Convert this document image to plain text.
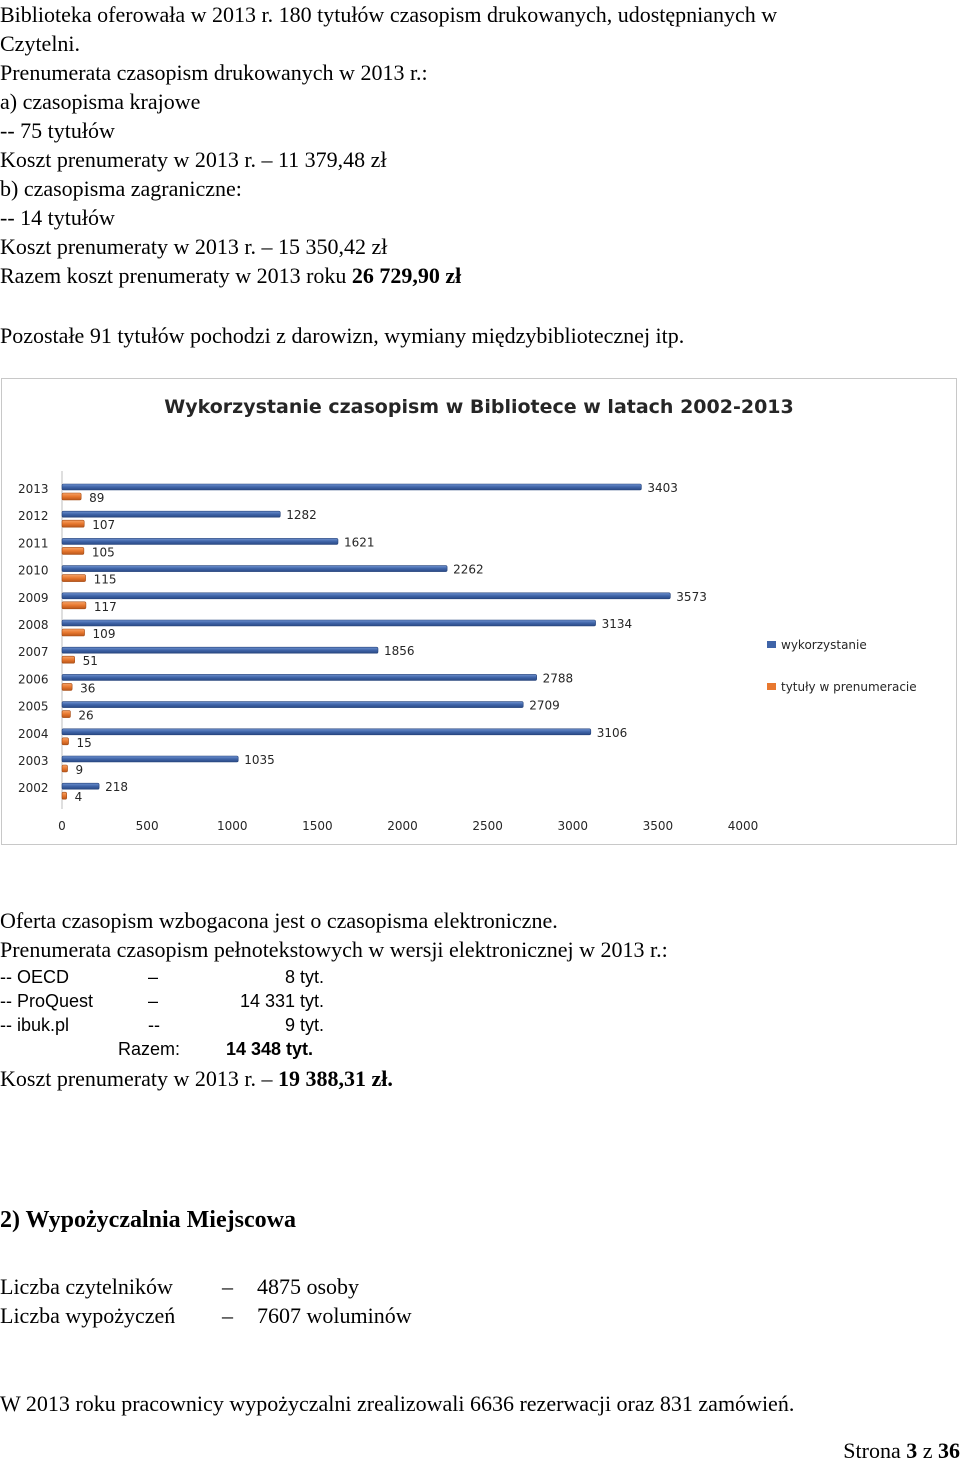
Biblioteka oferowała w 2013 r. 180 tytułów czasopism drukowanych, udostępnianych w
Czytelni.
Prenumerata czasopism drukowanych w 2013 r.:
a) czasopisma krajowe
-- 75 tytułów
Koszt prenumeraty w 2013 r. – 11 379,48 zł
b) czasopisma zagraniczne:
-- 14 tytułów
Koszt prenumeraty w 2013 r. – 15 350,42 zł
Razem koszt prenumeraty w 2013 roku 26 729,90 zł
Pozostałe 91 tytułów pochodzi z darowizn, wymiany międzybibliotecznej itp.
Wykorzystanie czasopism w Bibliotece w latach 2002-2013
2013	3403
89
2012	1282
107
2011	1621
105
2010	2262
115
2009	3573
117
2008	3134
109
2007	1856
51
2006	2788
36
2005	2709
26
2004	3106
15
2003	1035
9
2002	218
4
0	500	1000	1500	2000	2500	3000	3500	4000
wykorzystanie
tytuły w prenumeracie
Oferta czasopism wzbogacona jest o czasopisma elektroniczne.
Prenumerata czasopism pełnotekstowych w wersji elektronicznej w 2013 r.:
-- OECD	–	8 tyt.
-- ProQuest	–	14 331 tyt.
-- ibuk.pl	--	9 tyt.
Razem:	14 348 tyt.
Koszt prenumeraty w 2013 r. – 19 388,31 zł.
2) Wypożyczalnia Miejscowa
Liczba czytelników – 4875 osoby
Liczba wypożyczeń – 7607 woluminów
W 2013 roku pracownicy wypożyczalni zrealizowali 6636 rezerwacji oraz 831 zamówień.
Strona 3 z 36
